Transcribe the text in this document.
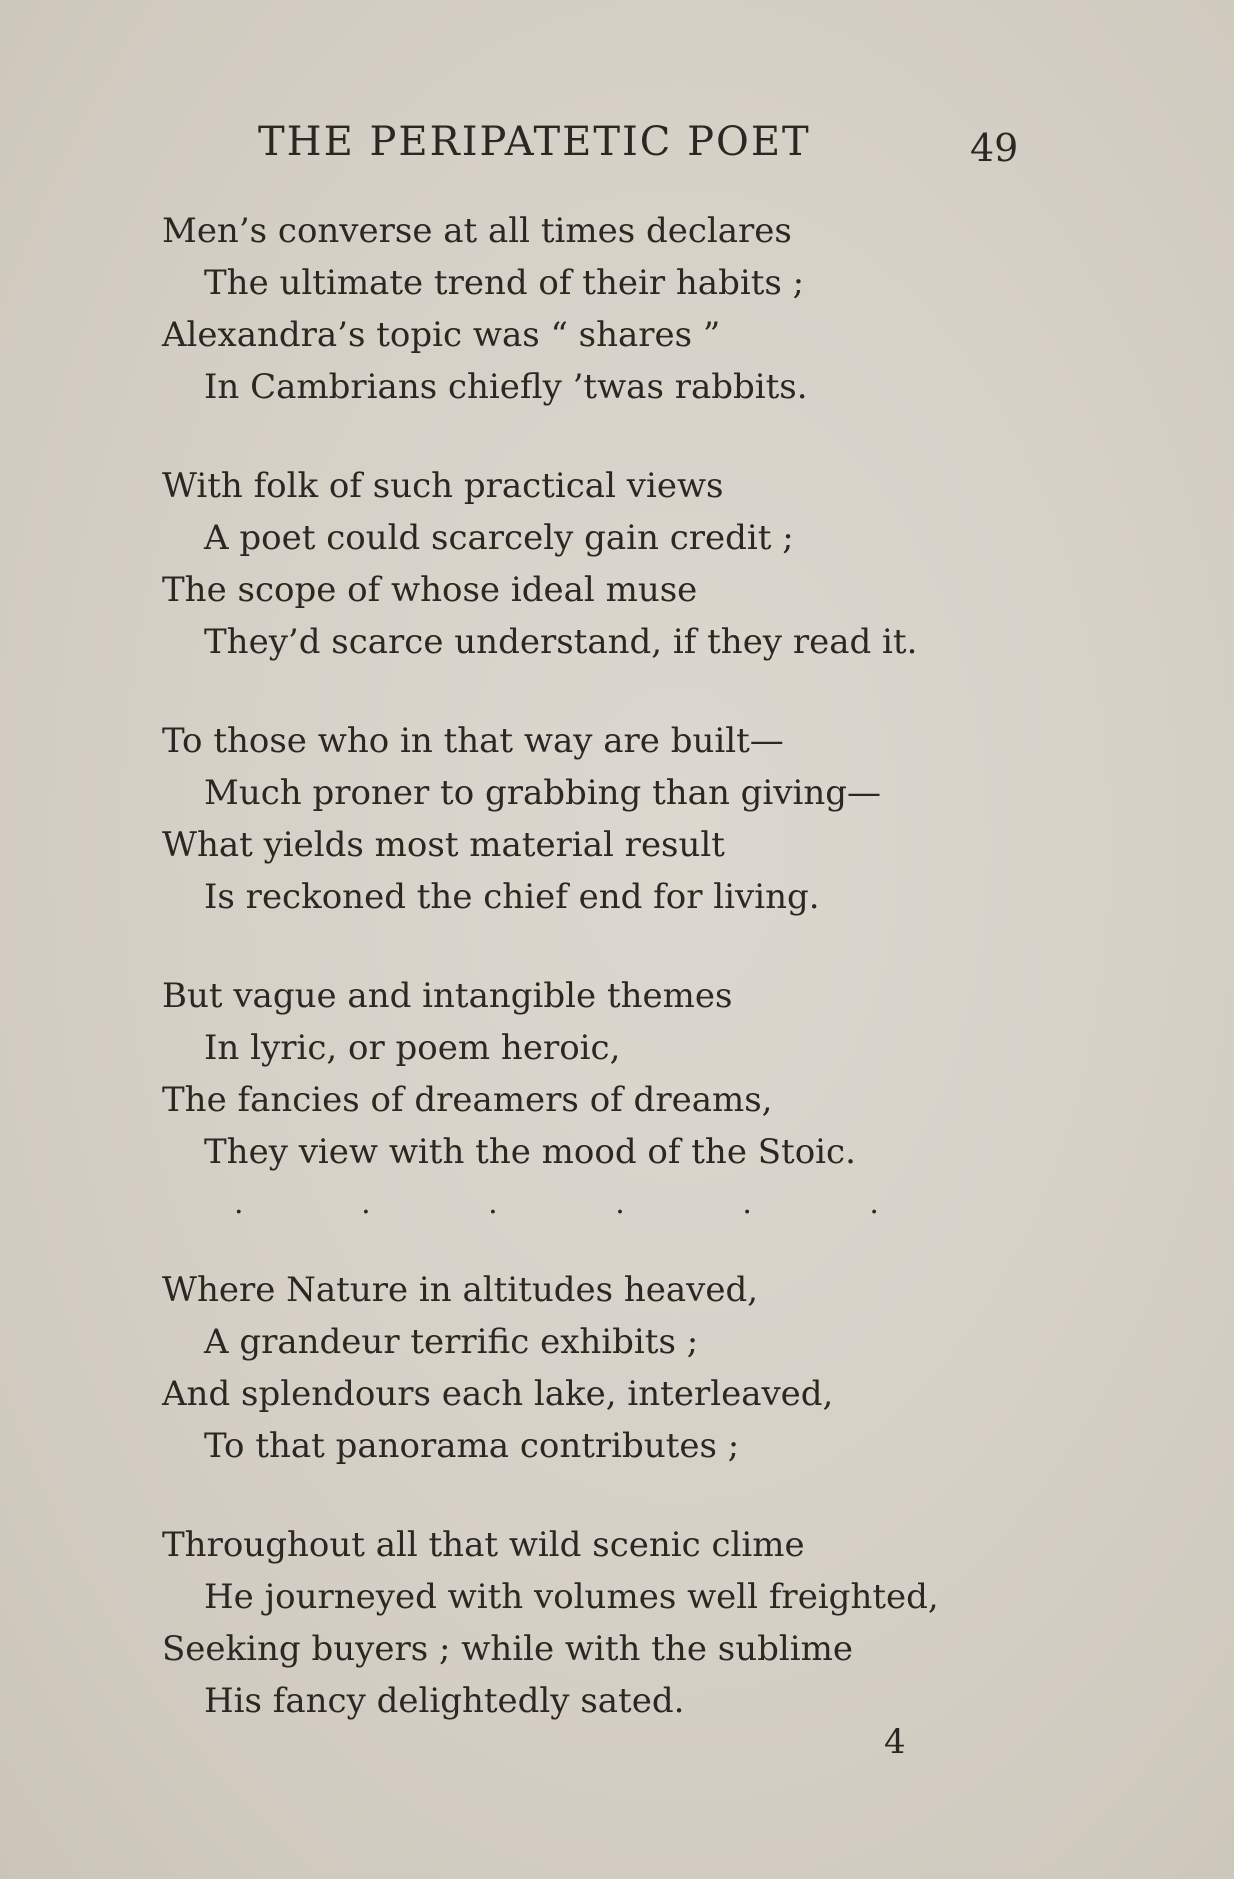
THE PERIPATETIC POET	49
Men’s converse at all times declares
The ultimate trend of their habits ;
Alexandra’s topic was “ shares ”
In Cambrians chiefly ’twas rabbits.
With folk of such practical views
A poet could scarcely gain credit ;
The scope of whose ideal muse
They’d scarce understand, if they read it.
To those who in that way are built—
Much proner to grabbing than giving—
What yields most material result
Is reckoned the chief end for living.
But vague and intangible themes
In lyric, or poem heroic,
The fancies of dreamers of dreams,
They view with the mood of the Stoic.
.	.	.	.	.	.
Where Nature in altitudes heaved,
A grandeur terrific exhibits ;
And splendours each lake, interleaved,
To that panorama contributes ;
Throughout all that wild scenic clime
He journeyed with volumes well freighted,
Seeking buyers ; while with the sublime
His fancy delightedly sated.
4
